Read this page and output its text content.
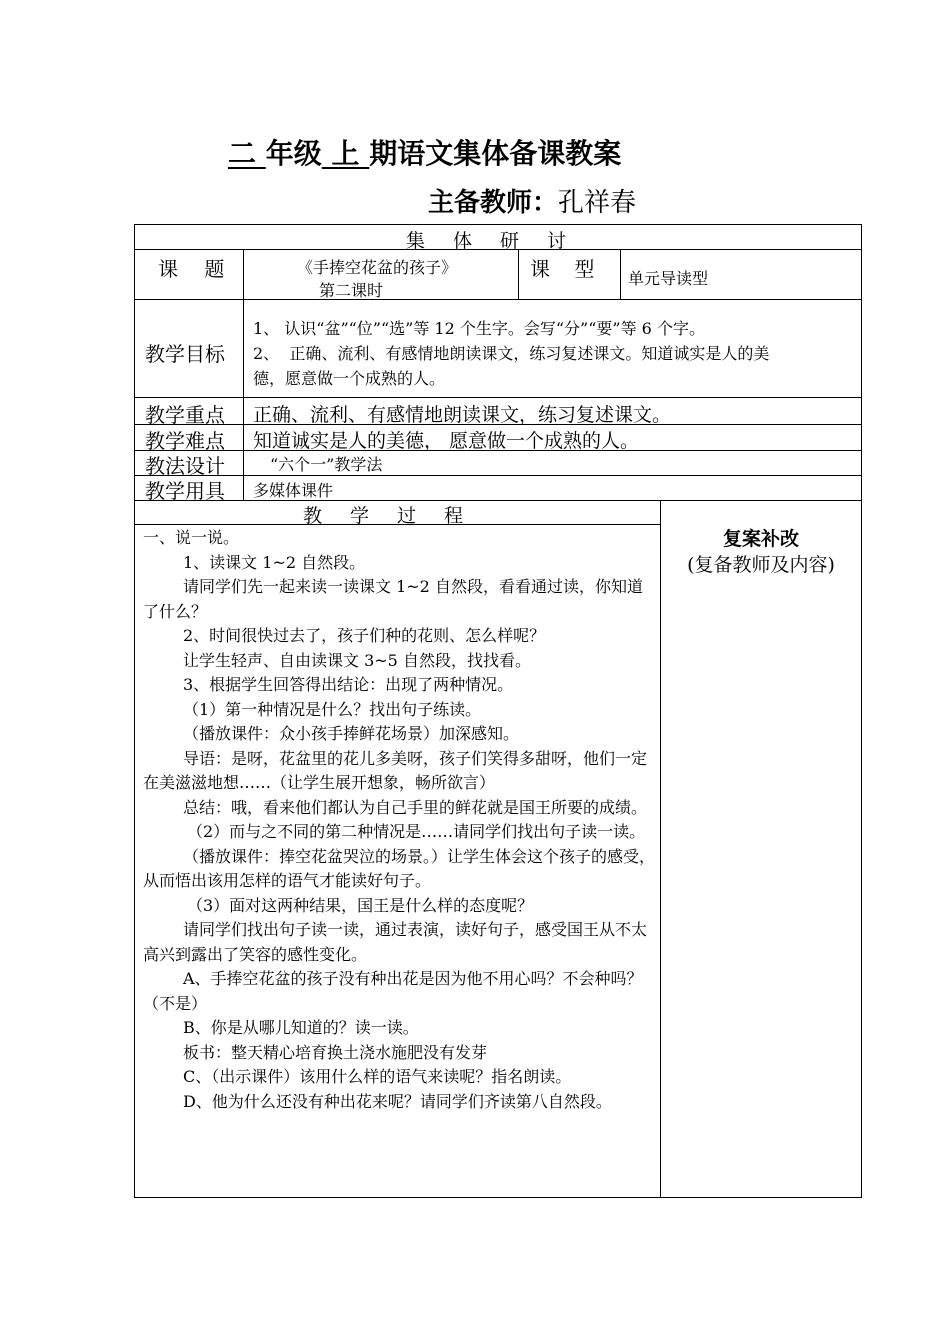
二 年级 上 期语文集体备课教案
主备教师：孔祥春
集体研讨
课 题	《手捧空花盆的孩子》
第二课时
课 型 单元导读型
教学目标
1、 认识“盆”“位”“选”等 12 个生字。会写“分”“要”等 6 个字。
2、  正确、流利、有感情地朗读课文，练习复述课文。知道诚实是人的美
德，愿意做一个成熟的人。
教学重点 正确、流利、有感情地朗读课文，练习复述课文。
教学难点 知道诚实是人的美德， 愿意做一个成熟的人。
教法设计	“六个一”教学法
教学用具 多媒体课件
教学过程
复案补改
(复备教师及内容)

一、说一说。

1、读课文 1~2 自然段。

请同学们先一起来读一读课文 1~2 自然段，看看通过读，你知道了什么？

2、时间很快过去了，孩子们种的花则、怎么样呢？

让学生轻声、自由读课文 3~5 自然段，找找看。

3、根据学生回答得出结论：出现了两种情况。

（1）第一种情况是什么？找出句子练读。

（播放课件：众小孩手捧鲜花场景）加深感知。

导语：是呀，花盆里的花儿多美呀，孩子们笑得多甜呀，他们一定在美滋滋地想……（让学生展开想象，畅所欲言）

总结：哦，看来他们都认为自己手里的鲜花就是国王所要的成绩。

（2）而与之不同的第二种情况是……请同学们找出句子读一读。

（播放课件：捧空花盆哭泣的场景。）让学生体会这个孩子的感受，从而悟出该用怎样的语气才能读好句子。

（3）面对这两种结果，国王是什么样的态度呢？

请同学们找出句子读一读，通过表演，读好句子，感受国王从不太高兴到露出了笑容的感性变化。

A、手捧空花盆的孩子没有种出花是因为他不用心吗？不会种吗？（不是）

B、你是从哪儿知道的？读一读。

板书：整天精心培育换土浇水施肥没有发芽

C、（出示课件）该用什么样的语气来读呢？指名朗读。

D、他为什么还没有种出花来呢？请同学们齐读第八自然段。
